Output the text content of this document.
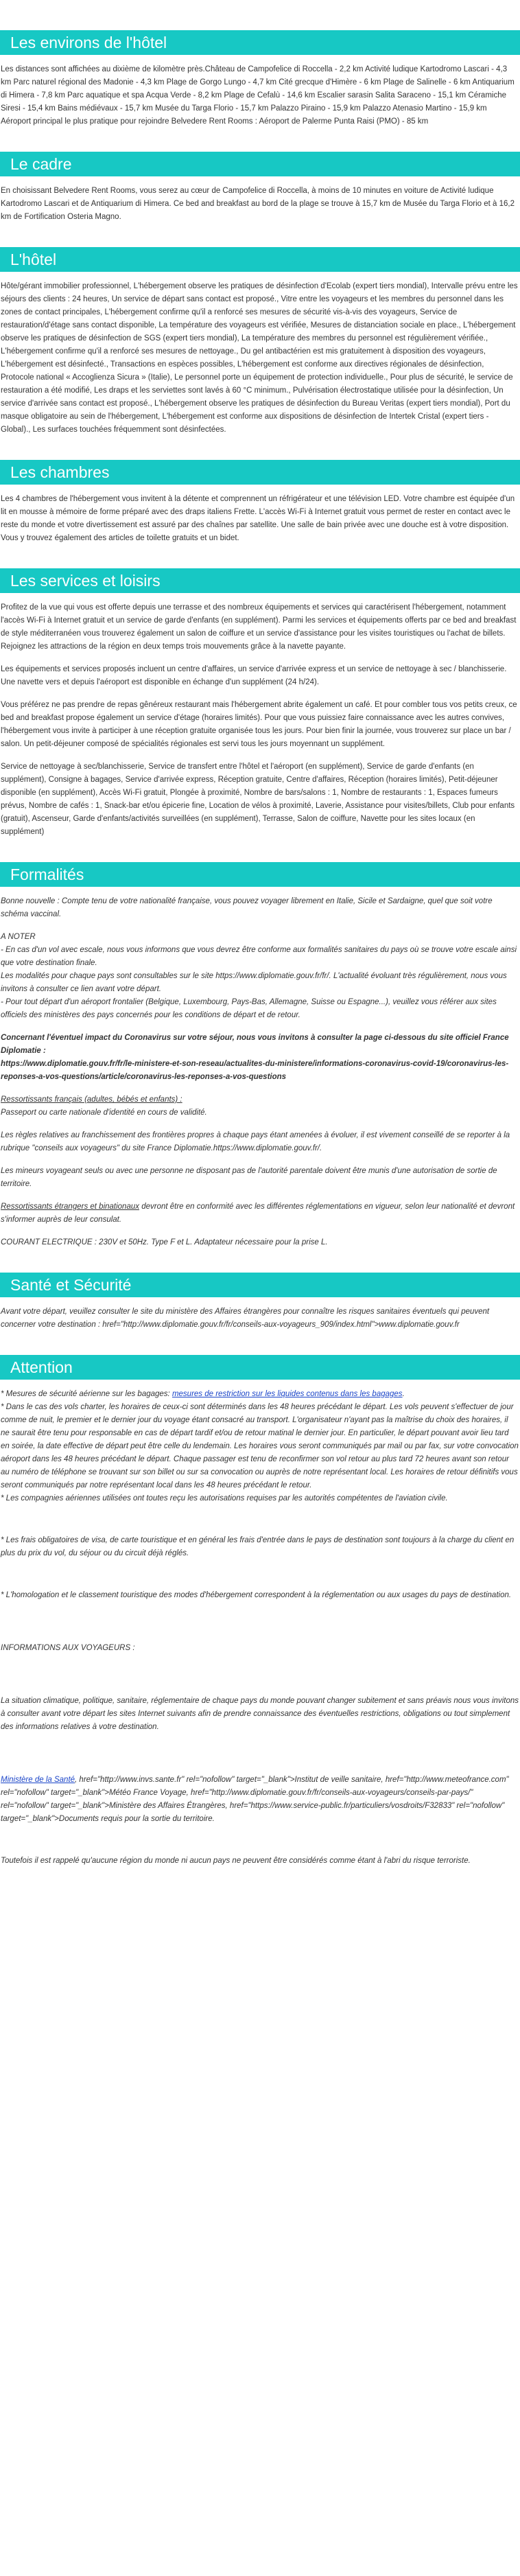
Les environs de l'hôtel

Les distances sont affichées au dixième de kilomètre près.Château de Campofelice di Roccella - 2,2 km Activité ludique Kartodromo Lascari - 4,3 km Parc naturel régional des Madonie - 4,3 km Plage de Gorgo Lungo - 4,7 km Cité grecque d'Himère - 6 km Plage de Salinelle - 6 km Antiquarium di Himera - 7,8 km Parc aquatique et spa Acqua Verde - 8,2 km Plage de Cefalù - 14,6 km Escalier sarasin Salita Saraceno - 15,1 km Céramiche Siresi - 15,4 km Bains médiévaux - 15,7 km Musée du Targa Florio - 15,7 km Palazzo Piraino - 15,9 km Palazzo Atenasio Martino - 15,9 km Aéroport principal le plus pratique pour rejoindre Belvedere Rent Rooms : Aéroport de Palerme Punta Raisi (PMO) - 85 km

Le cadre

En choisissant Belvedere Rent Rooms, vous serez au cœur de Campofelice di Roccella, à moins de 10 minutes en voiture de Activité ludique Kartodromo Lascari et de Antiquarium di Himera. Ce bed and breakfast au bord de la plage se trouve à 15,7 km de Musée du Targa Florio et à 16,2 km de Fortification Osteria Magno.

L'hôtel

Hôte/gérant immobilier professionnel, L'hébergement observe les pratiques de désinfection d'Ecolab (expert tiers mondial), Intervalle prévu entre les séjours des clients : 24 heures, Un service de départ sans contact est proposé., Vitre entre les voyageurs et les membres du personnel dans les zones de contact principales, L'hébergement confirme qu'il a renforcé ses mesures de sécurité vis-à-vis des voyageurs, Service de restauration/d'étage sans contact disponible, La température des voyageurs est vérifiée, Mesures de distanciation sociale en place., L'hébergement observe les pratiques de désinfection de SGS (expert tiers mondial), La température des membres du personnel est régulièrement vérifiée., L'hébergement confirme qu'il a renforcé ses mesures de nettoyage., Du gel antibactérien est mis gratuitement à disposition des voyageurs, L'hébergement est désinfecté., Transactions en espèces possibles, L'hébergement est conforme aux directives régionales de désinfection, Protocole national « Accoglienza Sicura » (Italie), Le personnel porte un équipement de protection individuelle., Pour plus de sécurité, le service de restauration a été modifié, Les draps et les serviettes sont lavés à 60 °C minimum., Pulvérisation électrostatique utilisée pour la désinfection, Un service d'arrivée sans contact est proposé., L'hébergement observe les pratiques de désinfection du Bureau Veritas (expert tiers mondial), Port du masque obligatoire au sein de l'hébergement, L'hébergement est conforme aux dispositions de désinfection de Intertek Cristal (expert tiers - Global)., Les surfaces touchées fréquemment sont désinfectées.

Les chambres

Les 4 chambres de l'hébergement vous invitent à la détente et comprennent un réfrigérateur et une télévision LED. Votre chambre est équipée d'un lit en mousse à mémoire de forme préparé avec des draps italiens Frette. L'accès Wi-Fi à Internet gratuit vous permet de rester en contact avec le reste du monde et votre divertissement est assuré par des chaînes par satellite. Une salle de bain privée avec une douche est à votre disposition. Vous y trouvez également des articles de toilette gratuits et un bidet.

Les services et loisirs

Profitez de la vue qui vous est offerte depuis une terrasse et des nombreux équipements et services qui caractérisent l'hébergement, notamment l'accès Wi-Fi à Internet gratuit et un service de garde d'enfants (en supplément). Parmi les services et équipements offerts par ce bed and breakfast de style méditerranéen vous trouverez également un salon de coiffure et un service d'assistance pour les visites touristiques ou l'achat de billets. Rejoignez les attractions de la région en deux temps trois mouvements grâce à la navette payante.

Les équipements et services proposés incluent un centre d'affaires, un service d'arrivée express et un service de nettoyage à sec / blanchisserie. Une navette vers et depuis l'aéroport est disponible en échange d'un supplément (24 h/24).

Vous préférez ne pas prendre de repas gênéreux restaurant mais l'hébergement abrite également un café. Et pour combler tous vos petits creux, ce bed and breakfast propose également un service d'étage (horaires limités). Pour que vous puissiez faire connaissance avec les autres convives, l'hébergement vous invite à participer à une réception gratuite organisée tous les jours. Pour bien finir la journée, vous trouverez sur place un bar / salon. Un petit-déjeuner composé de spécialités régionales est servi tous les jours moyennant un supplément.

Service de nettoyage à sec/blanchisserie, Service de transfert entre l'hôtel et l'aéroport (en supplément), Service de garde d'enfants (en supplément), Consigne à bagages, Service d'arrivée express, Réception gratuite, Centre d'affaires, Réception (horaires limités), Petit-déjeuner disponible (en supplément), Accès Wi-Fi gratuit, Plongée à proximité, Nombre de bars/salons : 1, Nombre de restaurants : 1, Espaces fumeurs prévus, Nombre de cafés : 1, Snack-bar et/ou épicerie fine, Location de vélos à proximité, Laverie, Assistance pour visites/billets, Club pour enfants (gratuit), Ascenseur, Garde d'enfants/activités surveillées (en supplément), Terrasse, Salon de coiffure, Navette pour les sites locaux (en supplément)

Formalités

Bonne nouvelle : Compte tenu de votre nationalité française, vous pouvez voyager librement en Italie, Sicile et Sardaigne, quel que soit votre schéma vaccinal.

A NOTER
- En cas d'un vol avec escale, nous vous informons que vous devrez être conforme aux formalités sanitaires du pays où se trouve votre escale ainsi que votre destination finale.
Les modalités pour chaque pays sont consultables sur le site https://www.diplomatie.gouv.fr/fr/. L'actualité évoluant très régulièrement, nous vous invitons à consulter ce lien avant votre départ.
- Pour tout départ d'un aéroport frontalier (Belgique, Luxembourg, Pays-Bas, Allemagne, Suisse ou Espagne...), veuillez vous référer aux sites officiels des ministères des pays concernés pour les conditions de départ et de retour.

Concernant l'éventuel impact du Coronavirus sur votre séjour, nous vous invitons à consulter la page ci-dessous du site officiel France Diplomatie :
https://www.diplomatie.gouv.fr/fr/le-ministere-et-son-reseau/actualites-du-ministere/informations-coronavirus-covid-19/coronavirus-les-reponses-a-vos-questions/article/coronavirus-les-reponses-a-vos-questions

Ressortissants français (adultes, bébés et enfants) :
Passeport ou carte nationale d'identité en cours de validité.

Les règles relatives au franchissement des frontières propres à chaque pays étant amenées à évoluer, il est vivement conseillé de se reporter à la rubrique "conseils aux voyageurs" du site France Diplomatie.https://www.diplomatie.gouv.fr/.

Les mineurs voyageant seuls ou avec une personne ne disposant pas de l'autorité parentale doivent être munis d'une autorisation de sortie de territoire.

Ressortissants étrangers et binationaux devront être en conformité avec les différentes réglementations en vigueur, selon leur nationalité et devront s'informer auprès de leur consulat.

COURANT ELECTRIQUE : 230V et 50Hz. Type F et L. Adaptateur nécessaire pour la prise L.

Santé et Sécurité

Avant votre départ, veuillez consulter le site du ministère des Affaires étrangères pour connaître les risques sanitaires éventuels qui peuvent concerner votre destination : href="http://www.diplomatie.gouv.fr/fr/conseils-aux-voyageurs_909/index.html">www.diplomatie.gouv.fr

Attention

* Mesures de sécurité aérienne sur les bagages: mesures de restriction sur les liquides contenus dans les bagages.
* Dans le cas des vols charter, les horaires de ceux-ci sont déterminés dans les 48 heures précédant le départ. Les vols peuvent s'effectuer de jour comme de nuit, le premier et le dernier jour du voyage étant consacré au transport. L'organisateur n'ayant pas la maîtrise du choix des horaires, il ne saurait être tenu pour responsable en cas de départ tardif et/ou de retour matinal le dernier jour. En particulier, le départ pouvant avoir lieu tard en soirée, la date effective de départ peut être celle du lendemain. Les horaires vous seront communiqués par mail ou par fax, sur votre convocation aéroport dans les 48 heures précédant le départ. Chaque passager est tenu de reconfirmer son vol retour au plus tard 72 heures avant son retour au numéro de téléphone se trouvant sur son billet ou sur sa convocation ou auprès de notre représentant local. Les horaires de retour définitifs vous seront communiqués par notre représentant local dans les 48 heures précédant le retour.
* Les compagnies aériennes utilisées ont toutes reçu les autorisations requises par les autorités compétentes de l'aviation civile.

* Les frais obligatoires de visa, de carte touristique et en général les frais d'entrée dans le pays de destination sont toujours à la charge du client en plus du prix du vol, du séjour ou du circuit déjà réglés.

* L'homologation et le classement touristique des modes d'hébergement correspondent à la réglementation ou aux usages du pays de destination.

INFORMATIONS AUX VOYAGEURS :

La situation climatique, politique, sanitaire, réglementaire de chaque pays du monde pouvant changer subitement et sans préavis nous vous invitons à consulter avant votre départ les sites Internet suivants afin de prendre connaissance des éventuelles restrictions, obligations ou tout simplement des informations relatives à votre destination.

Ministère de la Santé, href="http://www.invs.sante.fr" rel="nofollow" target="_blank">Institut de veille sanitaire, href="http://www.meteofrance.com" rel="nofollow" target="_blank">Météo France Voyage, href="http://www.diplomatie.gouv.fr/fr/conseils-aux-voyageurs/conseils-par-pays/" rel="nofollow" target="_blank">Ministère des Affaires Étrangères, href="https://www.service-public.fr/particuliers/vosdroits/F32833" rel="nofollow" target="_blank">Documents requis pour la sortie du territoire.

Toutefois il est rappelé qu'aucune région du monde ni aucun pays ne peuvent être considérés comme étant à l'abri du risque terroriste.
